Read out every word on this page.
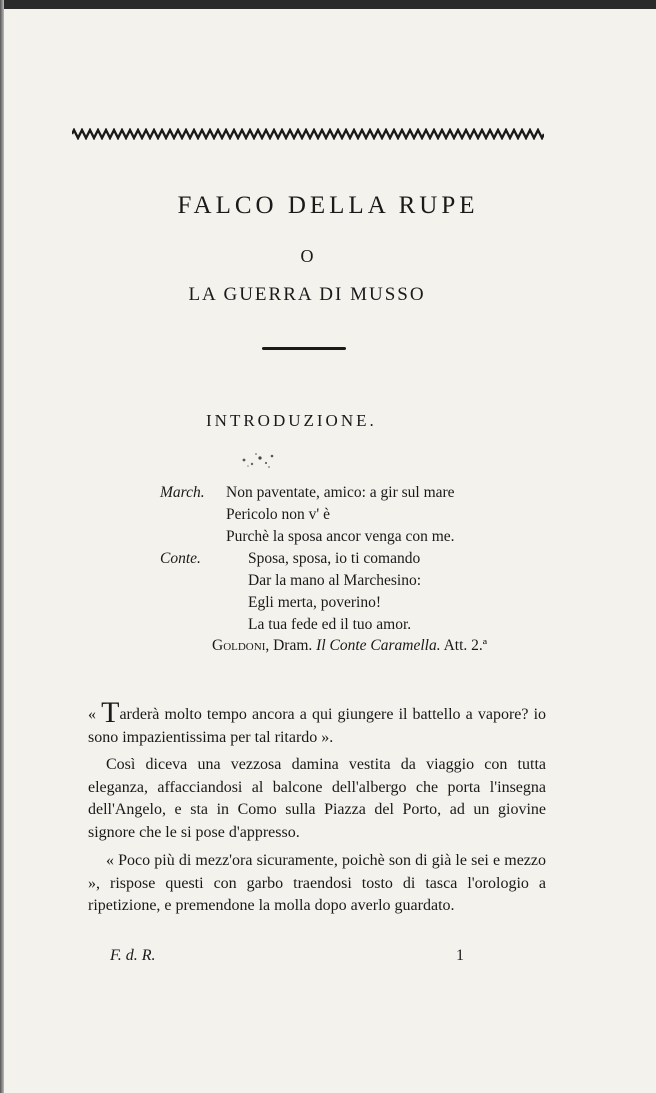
FALCO DELLA RUPE
O
LA GUERRA DI MUSSO
INTRODUZIONE.
March. Non paventate, amico: a gir sul mare
Pericolo non v' è
Purchè la sposa ancor venga con me.
Conte.	Sposa, sposa, io ti comando
Dar la mano al Marchesino:
Egli merta, poverino!
La tua fede ed il tuo amor.
Goldoni, Dram. Il Conte Caramella. Att. 2.ª
« Tarderà molto tempo ancora a qui giungere il battello a vapore? io sono impazientissima per tal ritardo ».
Così diceva una vezzosa damina vestita da viaggio con tutta eleganza, affacciandosi al balcone dell'albergo che porta l'insegna dell'Angelo, e sta in Como sulla Piazza del Porto, ad un giovine signore che le si pose d'appresso.
« Poco più di mezz'ora sicuramente, poichè son di già le sei e mezzo », rispose questi con garbo traendosi tosto di tasca l'orologio a ripetizione, e premendone la molla dopo averlo guardato.
F. d. R.	1
